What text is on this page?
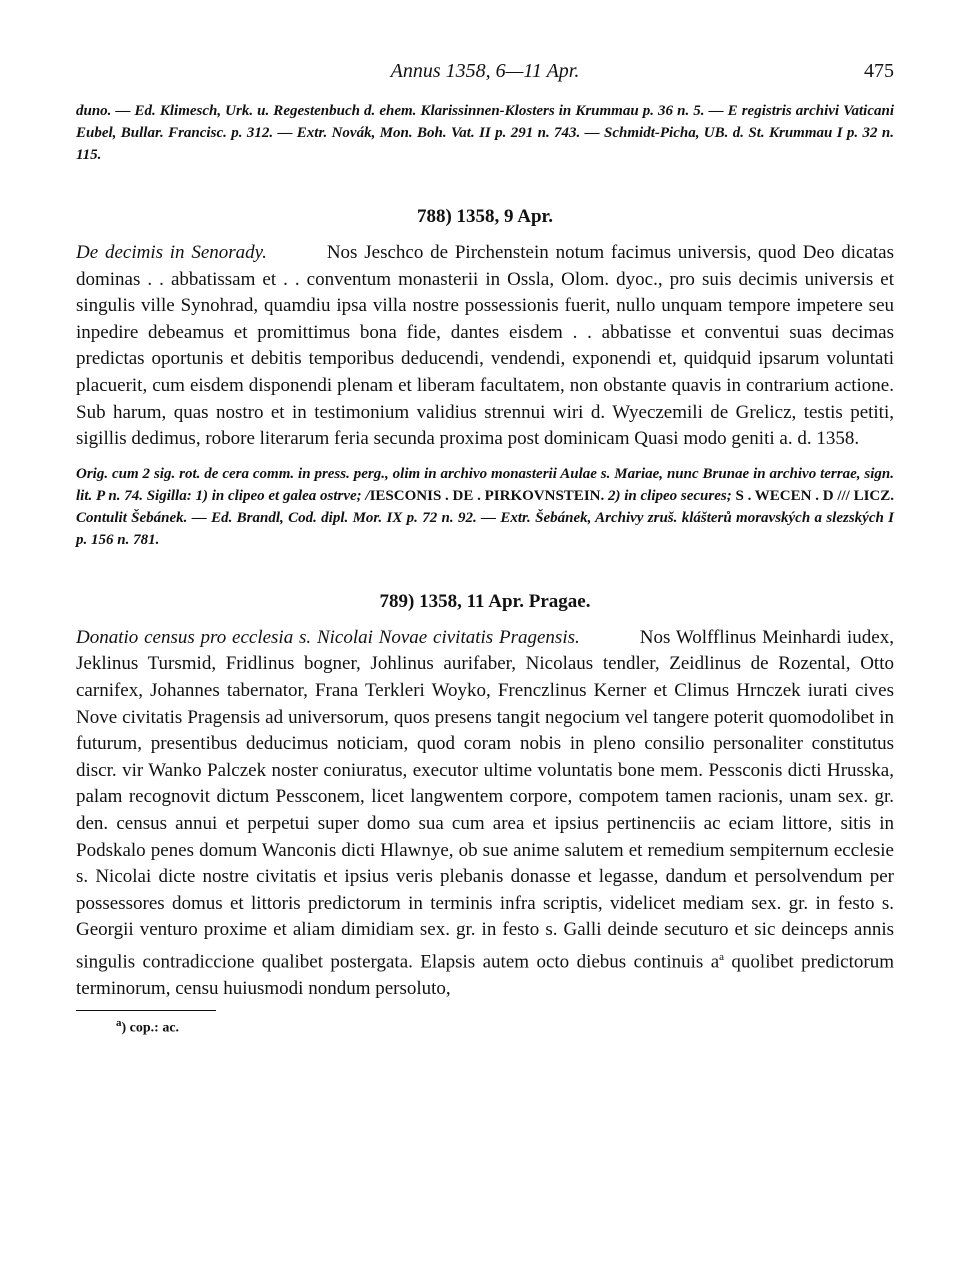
Annus 1358, 6—11 Apr.	475

duno. — Ed. Klimesch, Urk. u. Regestenbuch d. ehem. Klarissinnen-Klosters in Krummau p. 36 n. 5. — E registris archivi Vaticani Eubel, Bullar. Francisc. p. 312. — Extr. Novák, Mon. Boh. Vat. II p. 291 n. 743. — Schmidt-Picha, UB. d. St. Krummau I p. 32 n. 115.

788) 1358, 9 Apr.

De decimis in Senorady.	Nos Jeschco de Pirchenstein notum facimus universis, quod Deo dicatas dominas . . abbatissam et . . conventum monasterii in Ossla, Olom. dyoc., pro suis decimis universis et singulis ville Synohrad, quamdiu ipsa villa nostre possessionis fuerit, nullo unquam tempore impetere seu inpedire debeamus et promittimus bona fide, dantes eisdem . . abbatisse et conventui suas decimas predictas oportunis et debitis temporibus deducendi, vendendi, exponendi et, quidquid ipsarum voluntati placuerit, cum eisdem disponendi plenam et liberam facultatem, non obstante quavis in contrarium actione. Sub harum, quas nostro et in testimonium validius strennui wiri d. Wyeczemili de Grelicz, testis petiti, sigillis dedimus, robore literarum feria secunda proxima post dominicam Quasi modo geniti a. d. 1358.

Orig. cum 2 sig. rot. de cera comm. in press. perg., olim in archivo monasterii Aulae s. Mariae, nunc Brunae in archivo terrae, sign. lit. P n. 74. Sigilla: 1) in clipeo et galea ostrve; /IESCONIS . DE . PIRKOVNSTEIN. 2) in clipeo secures; S . WECEN . D /// LICZ. Contulit Šebánek. — Ed. Brandl, Cod. dipl. Mor. IX p. 72 n. 92. — Extr. Šebánek, Archivy zruš. klášterů moravských a slezských I p. 156 n. 781.

789) 1358, 11 Apr. Pragae.

Donatio census pro ecclesia s. Nicolai Novae civitatis Pragensis.	Nos Wolfflinus Meinhardi iudex, Jeklinus Tursmid, Fridlinus bogner, Johlinus aurifaber, Nicolaus tendler, Zeidlinus de Rozental, Otto carnifex, Johannes tabernator, Frana Terkleri Woyko, Frenczlinus Kerner et Climus Hrnczek iurati cives Nove civitatis Pragensis ad universorum, quos presens tangit negocium vel tangere poterit quomodolibet in futurum, presentibus deducimus noticiam, quod coram nobis in pleno consilio personaliter constitutus discr. vir Wanko Palczek noster coniuratus, executor ultime voluntatis bone mem. Pessconis dicti Hrusska, palam recognovit dictum Pessconem, licet langwentem corpore, compotem tamen racionis, unam sex. gr. den. census annui et perpetui super domo sua cum area et ipsius pertinenciis ac eciam littore, sitis in Podskalo penes domum Wanconis dicti Hlawnye, ob sue anime salutem et remedium sempiternum ecclesie s. Nicolai dicte nostre civitatis et ipsius veris plebanis donasse et legasse, dandum et persolvendum per possessores domus et littoris predictorum in terminis infra scriptis, videlicet mediam sex. gr. in festo s. Georgii venturo proxime et aliam dimidiam sex. gr. in festo s. Galli deinde secuturo et sic deinceps annis singulis contradiccione qualibet postergata. Elapsis autem octo diebus continuis $a^a$ quolibet predictorum terminorum, censu huiusmodi nondum persoluto,

$^a$) cop.: ac.
